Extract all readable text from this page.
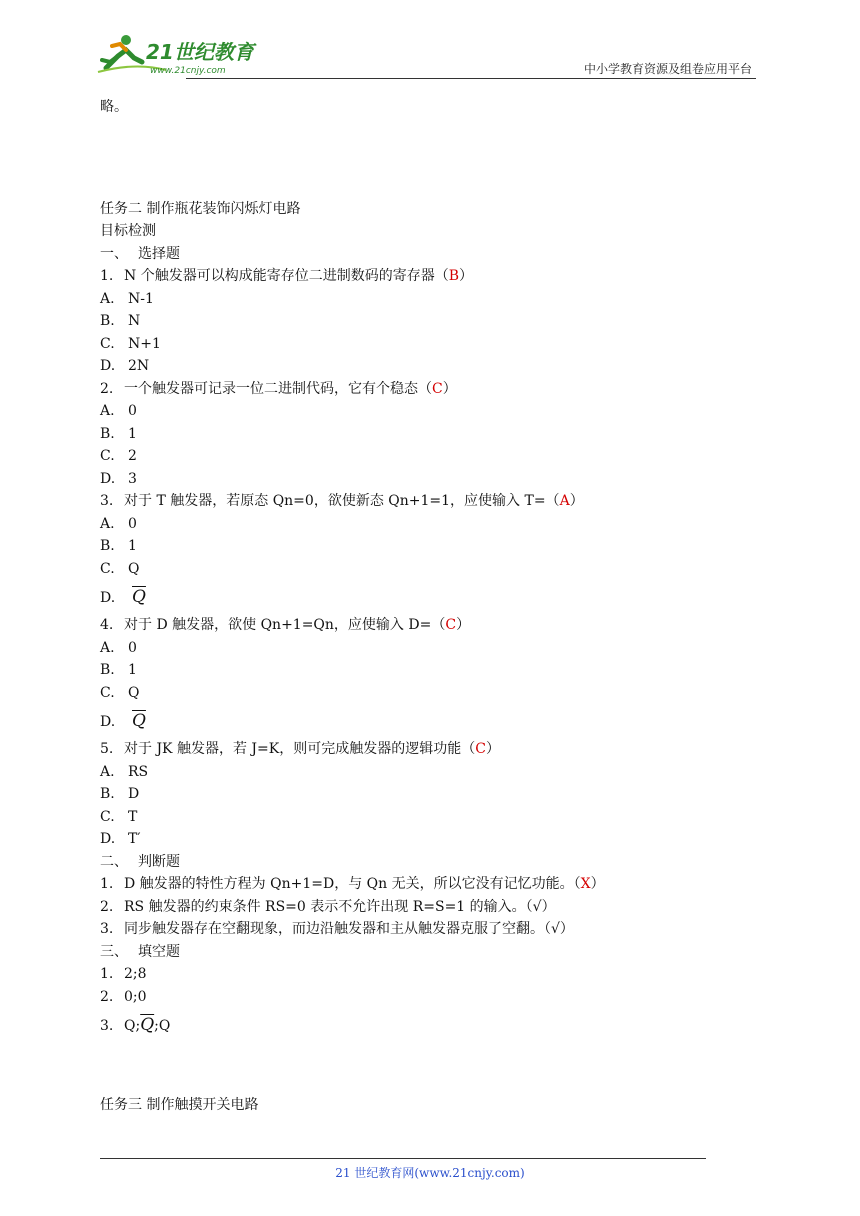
21世纪教育
www.21cnjy.com	中小学教育资源及组卷应用平台
略。
任务二 制作瓶花装饰闪烁灯电路
目标检测
一、 选择题
1. N 个触发器可以构成能寄存位二进制数码的寄存器（B）
A. N-1
B. N
C. N+1
D. 2N
2. 一个触发器可记录一位二进制代码，它有个稳态（C）
A. 0
B. 1
C. 2
D. 3
3. 对于 T 触发器，若原态 Qn=0，欲使新态 Qn+1=1，应使输入 T=（A）
A. 0
B. 1
C. Q
D. $\overline{Q}$
4. 对于 D 触发器，欲使 Qn+1=Qn，应使输入 D=（C）
A. 0
B. 1
C. Q
D. $\overline{Q}$
5. 对于 JK 触发器，若 J=K，则可完成触发器的逻辑功能（C）
A. RS
B. D
C. T
D. T′
二、 判断题
1. D 触发器的特性方程为 Qn+1=D，与 Qn 无关，所以它没有记忆功能。（X）
2. RS 触发器的约束条件 RS=0 表示不允许出现 R=S=1 的输入。（√）
3. 同步触发器存在空翻现象，而边沿触发器和主从触发器克服了空翻。（√）
三、 填空题
1. 2;8
2. 0;0
3. $Q;\overline{Q};Q$
任务三 制作触摸开关电路
21 世纪教育网(www.21cnjy.com)
